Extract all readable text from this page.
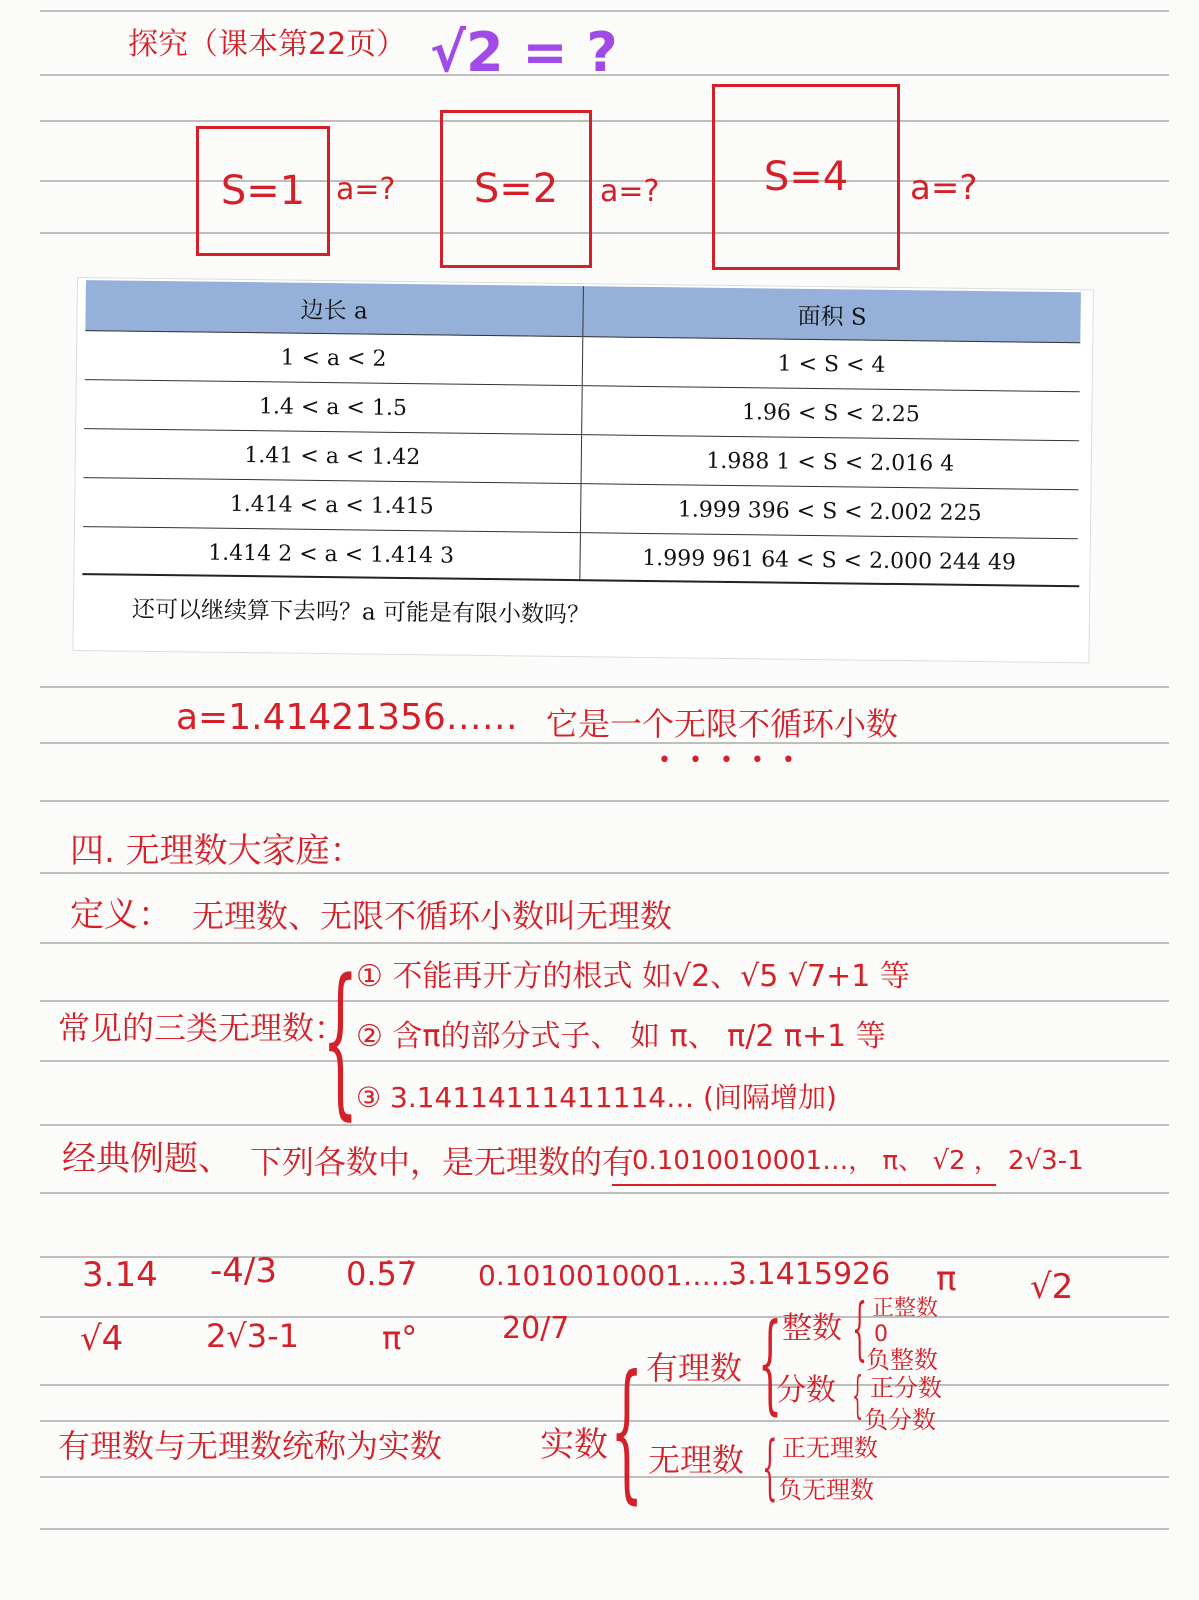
探究（课本第22页） √2 = ?
S=1	a=?	S=2	a=?	S=4	a=?
边长 a	面积 S
1 < a < 2	1 < S < 4
1.4 < a < 1.5	1.96 < S < 2.25
1.41 < a < 1.42	1.988 1 < S < 2.016 4
1.414 < a < 1.415	1.999 396 < S < 2.002 225
1.414 2 < a < 1.414 3	1.999 961 64 < S < 2.000 244 49
还可以继续算下去吗？a 可能是有限小数吗？
a=1.41421356…… 它是一个无限不循环小数
•••••
四. 无理数大家庭：
定义： 无理数、无限不循环小数叫无理数
常见的三类无理数：
{
① 不能再开方的根式 如√2、√5 √7+1 等
② 含π的部分式子、 如 π、 π/2 π+1 等
③ 3.14114111411114… (间隔增加)
经典例题、 下列各数中，是无理数的有
0.1010010001…， π、 √2 ， 2√3-1
3.14 -4/3 0.5̇7̇ 0.1010010001……
3.1415926 π √2
√4	2√3-1	π°	20/7
有理数与无理数统称为实数	实数 { 有理数 { 整数 { 正整数
0
负整数
分数 { 正分数
负分数
无理数 { 正无理数
负无理数
